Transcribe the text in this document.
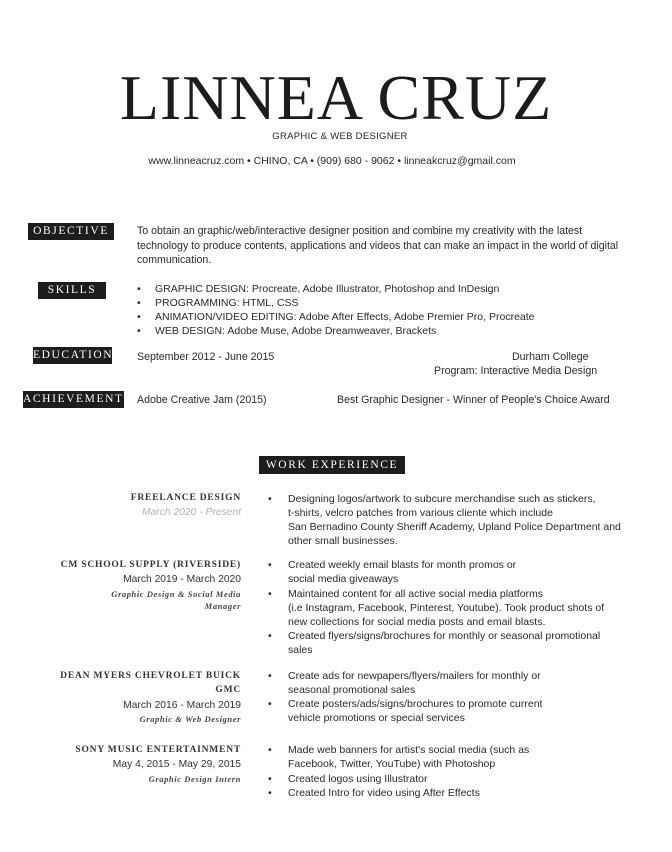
LINNEA CRUZ
GRAPHIC & WEB DESIGNER
www.linneacruz.com • CHINO, CA • (909) 680 - 9062 • linneakcruz@gmail.com
OBJECTIVE	To obtain an graphic/web/interactive designer position and combine my creativity with the latest
technology to produce contents, applications and videos that can make an impact in the world of digital
communication.
SKILLS
•	GRAPHIC DESIGN: Procreate, Adobe Illustrator, Photoshop and InDesign
• PROGRAMMING: HTML, CSS
• ANIMATION/VIDEO EDITING: Adobe After Effects, Adobe Premier Pro, Procreate
• WEB DESIGN: Adobe Muse, Adobe Dreamweaver, Brackets
EDUCATION September 2012 - June 2015	Durham College
Program: Interactive Media Design
ACHIEVEMENTS Adobe Creative Jam (2015)	Best Graphic Designer - Winner of People's Choice Award
WORK EXPERIENCE
FREELANCE DESIGN
March 2020 - Present
• Designing logos/artwork to subcure merchandise such as stickers,
t-shirts, velcro patches from various cliente which include
San Bernadino County Sheriff Academy, Upland Police Department and
other small businesses.
CM SCHOOL SUPPLY (RIVERSIDE)
March 2019 - March 2020
Graphic Design & Social Media
Manager
• Created weekly email blasts for month promos or
social media giveaways
• Maintained content for all active social media platforms
(i.e Instagram, Facebook, Pinterest, Youtube). Took product shots of
new collections for social media posts and email blasts.
• Created flyers/signs/brochures for monthly or seasonal promotional
sales
DEAN MYERS CHEVROLET BUICK
GMC
March 2016 - March 2019
Graphic & Web Designer
• Create ads for newpapers/flyers/mailers for monthly or
seasonal promotional sales
• Create posters/ads/signs/brochures to promote current
vehicle promotions or special services
SONY MUSIC ENTERTAINMENT
May 4, 2015 - May 29, 2015
Graphic Design Intern
• Made web banners for artist's social media (such as
Facebook, Twitter, YouTube) with Photoshop
• Created logos using Illustrator
• Created Intro for video using After Effects
